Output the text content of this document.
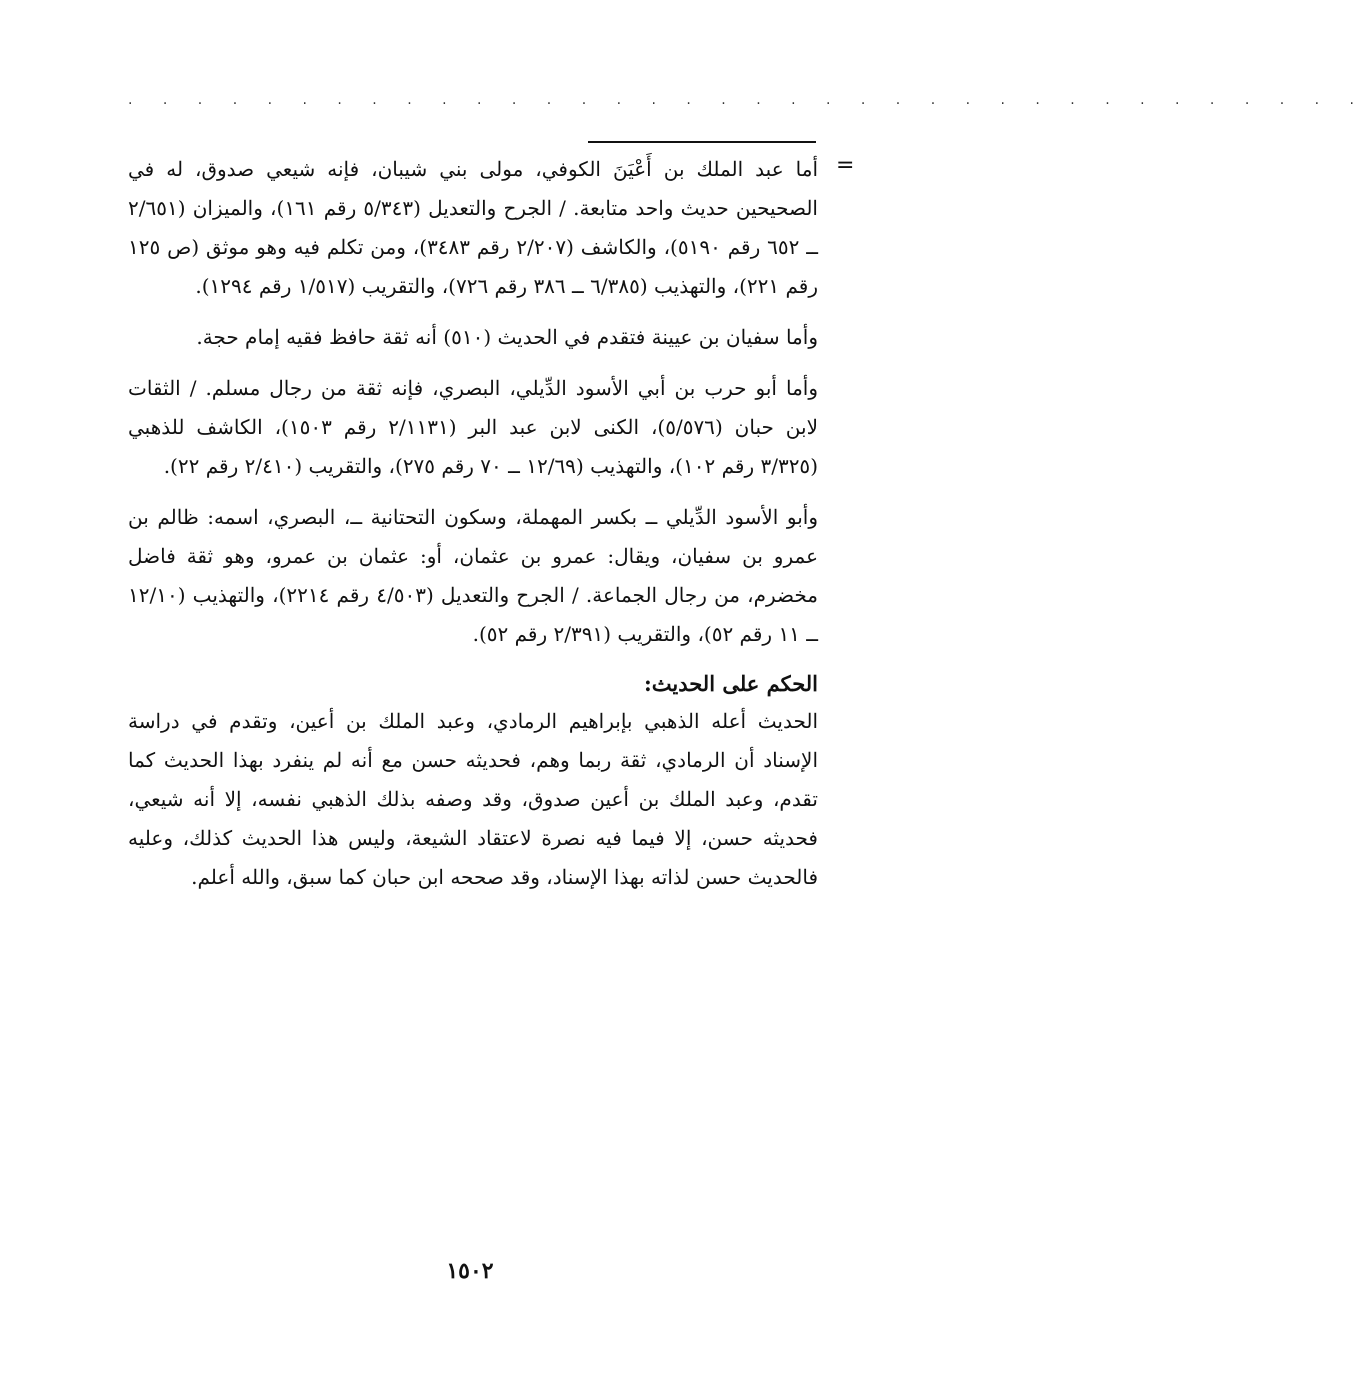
· · · · · · · · · · · · · · · · · · · · · · · · · · · · · · · · · · · ·
=

أما عبد الملك بن أَعْيَنَ الكوفي، مولى بني شيبان، فإنه شيعي صدوق، له في الصحيحين حديث واحد متابعة. / الجرح والتعديل (٥/٣٤٣ رقم ١٦١)، والميزان (٢/٦٥١ ــ ٦٥٢ رقم ٥١٩٠)، والكاشف (٢/٢٠٧ رقم ٣٤٨٣)، ومن تكلم فيه وهو موثق (ص ١٢٥ رقم ٢٢١)، والتهذيب (٦/٣٨٥ ــ ٣٨٦ رقم ٧٢٦)، والتقريب (١/٥١٧ رقم ١٢٩٤).

وأما سفيان بن عيينة فتقدم في الحديث (٥١٠) أنه ثقة حافظ فقيه إمام حجة.

وأما أبو حرب بن أبي الأسود الدِّيلي، البصري، فإنه ثقة من رجال مسلم. / الثقات لابن حبان (٥/٥٧٦)، الكنى لابن عبد البر (٢/١١٣١ رقم ١٥٠٣)، الكاشف للذهبي (٣/٣٢٥ رقم ١٠٢)، والتهذيب (١٢/٦٩ ــ ٧٠ رقم ٢٧٥)، والتقريب (٢/٤١٠ رقم ٢٢).

وأبو الأسود الدِّيلي ــ بكسر المهملة، وسكون التحتانية ــ، البصري، اسمه: ظالم بن عمرو بن سفيان، ويقال: عمرو بن عثمان، أو: عثمان بن عمرو، وهو ثقة فاضل مخضرم، من رجال الجماعة. / الجرح والتعديل (٤/٥٠٣ رقم ٢٢١٤)، والتهذيب (١٢/١٠ ــ ١١ رقم ٥٢)، والتقريب (٢/٣٩١ رقم ٥٢).

الحكم على الحديث:

الحديث أعله الذهبي بإبراهيم الرمادي، وعبد الملك بن أعين، وتقدم في دراسة الإسناد أن الرمادي، ثقة ربما وهم، فحديثه حسن مع أنه لم ينفرد بهذا الحديث كما تقدم، وعبد الملك بن أعين صدوق، وقد وصفه بذلك الذهبي نفسه، إلا أنه شيعي، فحديثه حسن، إلا فيما فيه نصرة لاعتقاد الشيعة، وليس هذا الحديث كذلك، وعليه فالحديث حسن لذاته بهذا الإسناد، وقد صححه ابن حبان كما سبق، والله أعلم.

١٥٠٢
